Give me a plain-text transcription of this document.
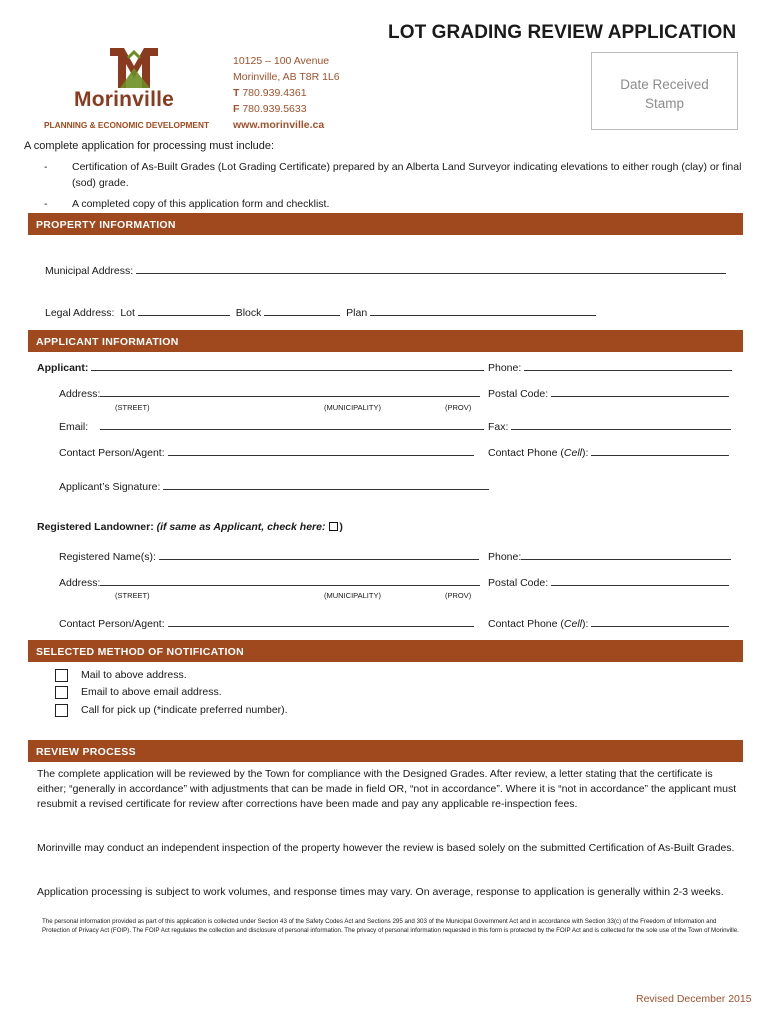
LOT GRADING REVIEW APPLICATION
Morinville
PLANNING & ECONOMIC DEVELOPMENT
10125 – 100 Avenue
Morinville, AB T8R 1L6
T 780.939.4361
F 780.939.5633
www.morinville.ca
Date Received
Stamp
A complete application for processing must include:
- Certification of As-Built Grades (Lot Grading Certificate) prepared by an Alberta Land Surveyor indicating elevations to either rough (clay) or final (sod) grade.
- A completed copy of this application form and checklist.
PROPERTY INFORMATION
Municipal Address:
Legal Address: Lot	Block	Plan
APPLICANT INFORMATION
Applicant:	Phone:
Address:	Postal Code:
(STREET)	(MUNICIPALITY)	(PROV)
Email:	Fax:
Contact Person/Agent:	Contact Phone (Cell):
Applicant’s Signature:
Registered Landowner: (if same as Applicant, check here: )
Registered Name(s):	Phone:
Address:	Postal Code:
(STREET)	(MUNICIPALITY)	(PROV)
Contact Person/Agent:	Contact Phone (Cell):
SELECTED METHOD OF NOTIFICATION
Mail to above address.
Email to above email address.
Call for pick up (*indicate preferred number).
REVIEW PROCESS
The complete application will be reviewed by the Town for compliance with the Designed Grades. After review, a letter stating that the certificate is either; “generally in accordance” with adjustments that can be made in field OR, “not in accordance”. Where it is “not in accordance” the applicant must resubmit a revised certificate for review after corrections have been made and pay any applicable re-inspection fees.
Morinville may conduct an independent inspection of the property however the review is based solely on the submitted Certification of As-Built Grades.
Application processing is subject to work volumes, and response times may vary. On average, response to application is generally within 2-3 weeks.
The personal information provided as part of this application is collected under Section 43 of the Safety Codes Act and Sections 295 and 303 of the Municipal Government Act and in accordance with Section 33(c) of the Freedom of Information and Protection of Privacy Act (FOIP). The FOIP Act regulates the collection and disclosure of personal information. The privacy of personal information requested in this form is protected by the FOIP Act and is collected for the sole use of the Town of Morinville.
Revised December 2015
